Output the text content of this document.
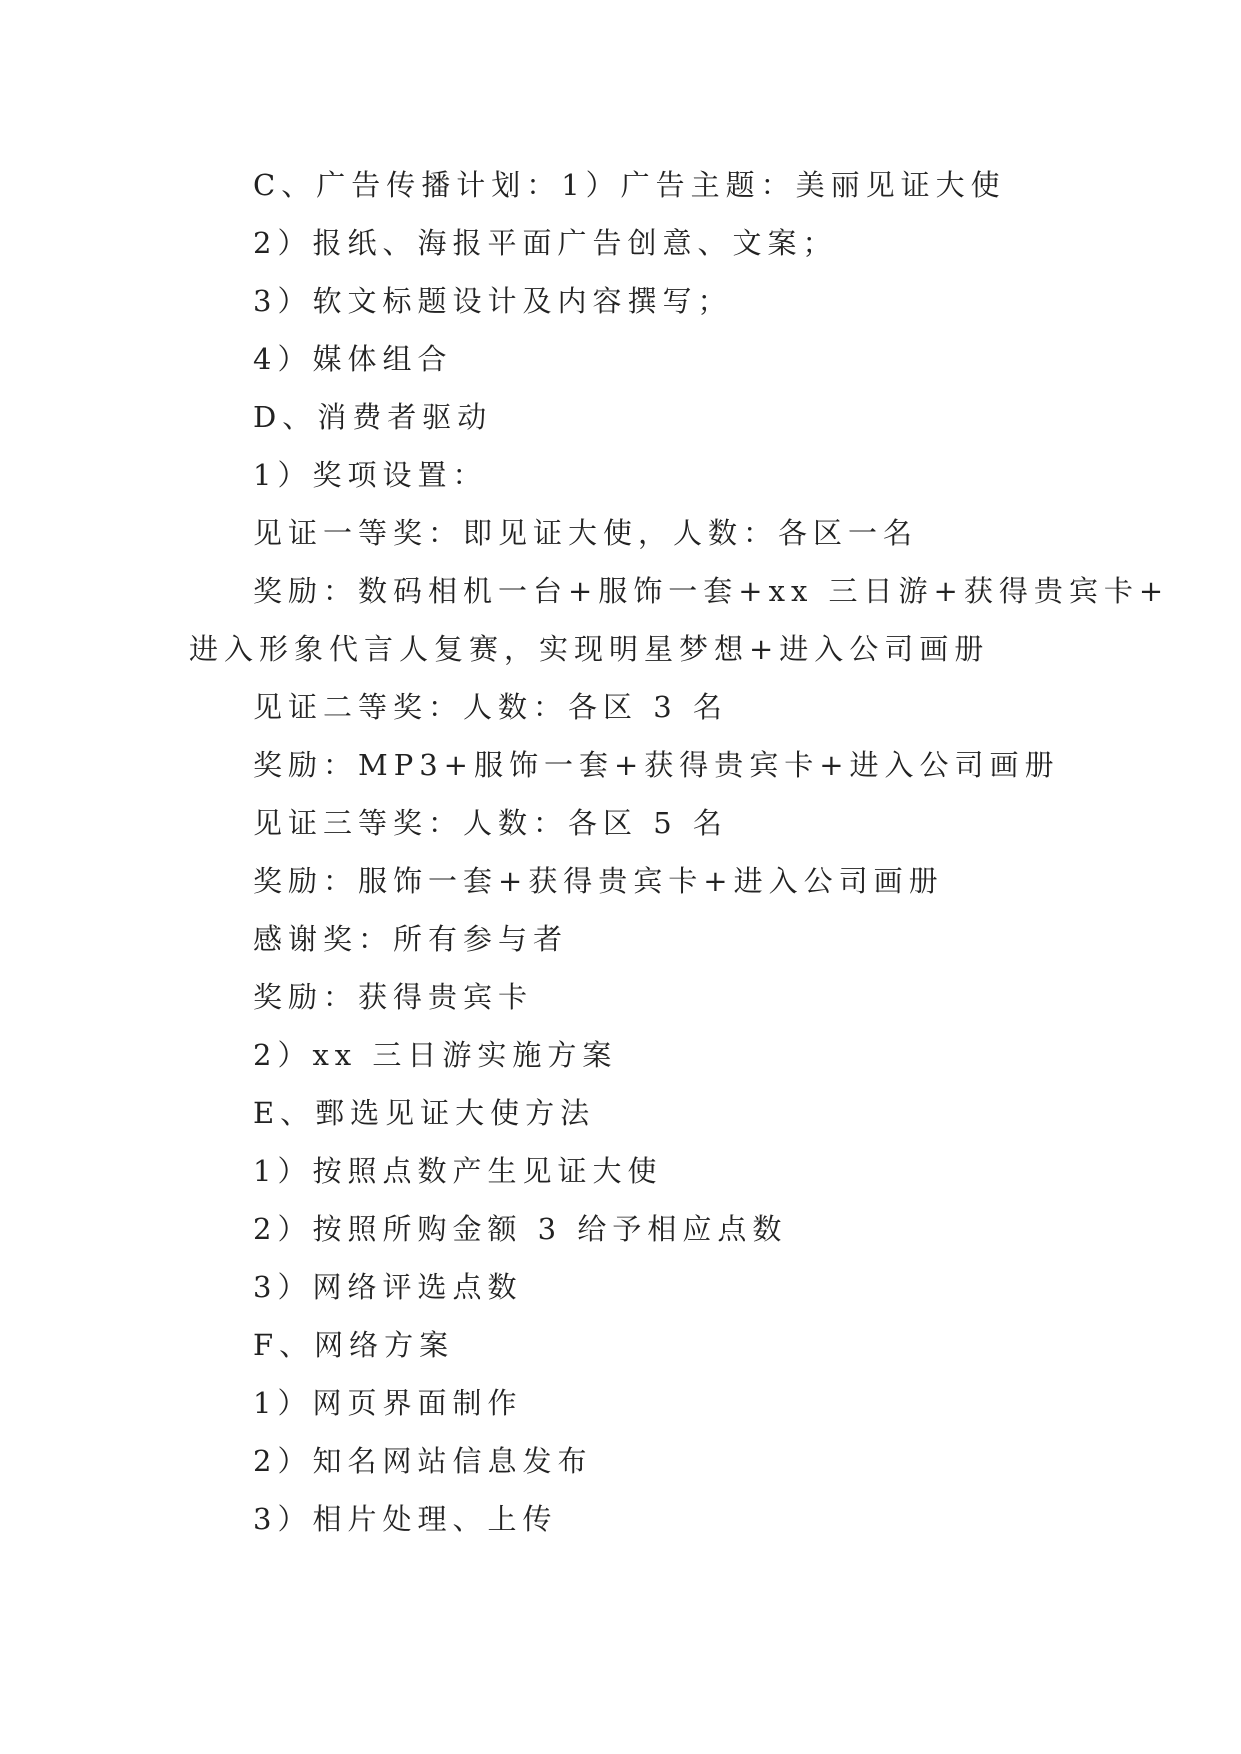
C、广告传播计划：1）广告主题：美丽见证大使
2）报纸、海报平面广告创意、文案；
3）软文标题设计及内容撰写；
4）媒体组合
D、消费者驱动
1）奖项设置：
见证一等奖：即见证大使，人数：各区一名
奖励：数码相机一台+服饰一套+xx 三日游+获得贵宾卡+
进入形象代言人复赛，实现明星梦想+进入公司画册
见证二等奖：人数：各区 3 名
奖励：MP3+服饰一套+获得贵宾卡+进入公司画册
见证三等奖：人数：各区 5 名
奖励：服饰一套+获得贵宾卡+进入公司画册
感谢奖：所有参与者
奖励：获得贵宾卡
2）xx 三日游实施方案
E、鄄选见证大使方法
1）按照点数产生见证大使
2）按照所购金额 3 给予相应点数
3）网络评选点数
F、网络方案
1）网页界面制作
2）知名网站信息发布
3）相片处理、上传
